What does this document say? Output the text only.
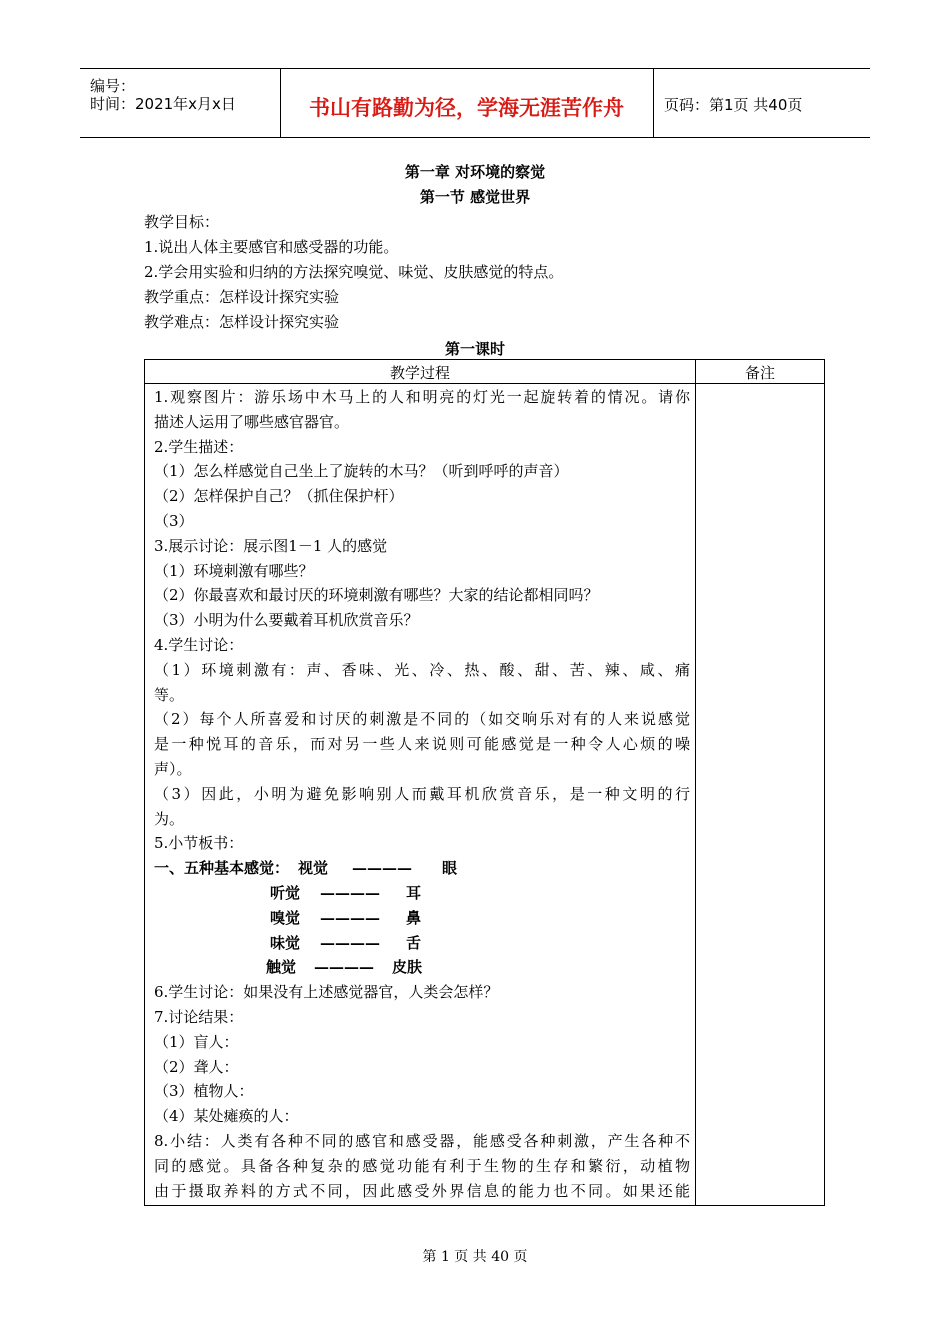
编号：
时间：2021年x月x日	书山有路勤为径，学海无涯苦作舟	页码：第1页 共40页
第一章 对环境的察觉
第一节 感觉世界
教学目标：
1.说出人体主要感官和感受器的功能。
2.学会用实验和归纳的方法探究嗅觉、味觉、皮肤感觉的特点。
教学重点：怎样设计探究实验
教学难点：怎样设计探究实验
第一课时
教学过程	备注
1.观察图片：游乐场中木马上的人和明亮的灯光一起旋转着的情况。请你
描述人运用了哪些感官器官。
2.学生描述：
（1）怎么样感觉自己坐上了旋转的木马？（听到呼呼的声音）
（2）怎样保护自己？（抓住保护杆）
（3）
3.展示讨论：展示图1－1 人的感觉
（1）环境刺激有哪些？
（2）你最喜欢和最讨厌的环境刺激有哪些？大家的结论都相同吗？
（3）小明为什么要戴着耳机欣赏音乐？
4.学生讨论：
（1）环境刺激有：声、香味、光、冷、热、酸、甜、苦、辣、咸、痛
等。
（2）每个人所喜爱和讨厌的刺激是不同的（如交响乐对有的人来说感觉
是一种悦耳的音乐，而对另一些人来说则可能感觉是一种令人心烦的噪
声）。
（3）因此，小明为避免影响别人而戴耳机欣赏音乐，是一种文明的行
为。
5.小节板书：
一、五种基本感觉： 视觉 ———— 眼
听觉 ———— 耳
嗅觉 ———— 鼻
味觉 ———— 舌
触觉 ———— 皮肤
6.学生讨论：如果没有上述感觉器官，人类会怎样？
7.讨论结果：
（1）盲人：
（2）聋人：
（3）植物人：
（4）某处瘫痪的人：
8.小结：人类有各种不同的感官和感受器，能感受各种刺激，产生各种不
同的感觉。具备各种复杂的感觉功能有利于生物的生存和繁衍，动植物
由于摄取养料的方式不同，因此感受外界信息的能力也不同。如果还能
第 1 页 共 40 页
